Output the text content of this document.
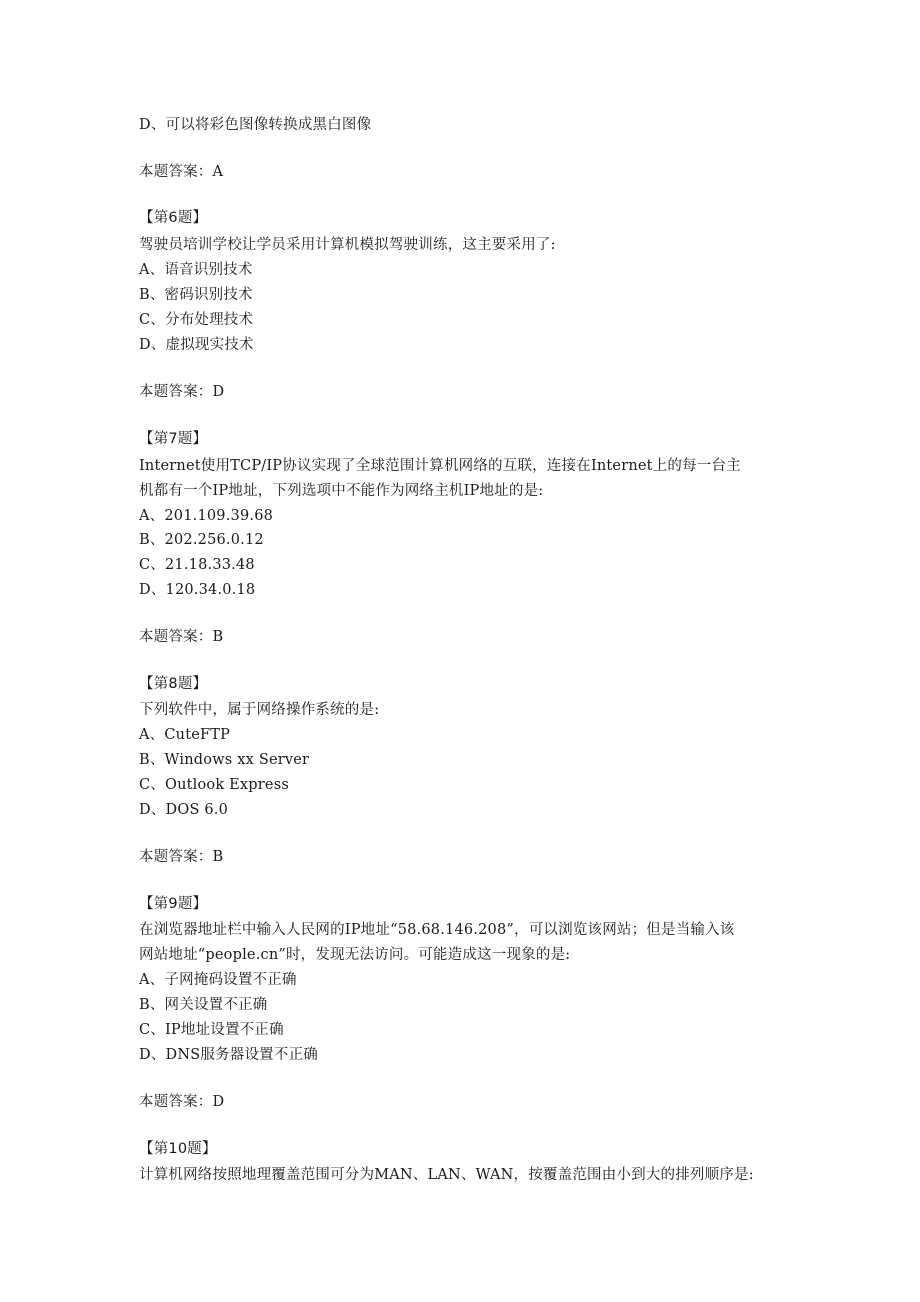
D、可以将彩色图像转换成黑白图像
本题答案：A
【第6题】
驾驶员培训学校让学员采用计算机模拟驾驶训练，这主要采用了:
A、语音识别技术
B、密码识别技术
C、分布处理技术
D、虚拟现实技术
本题答案：D
【第7题】
Internet使用TCP/IP协议实现了全球范围计算机网络的互联，连接在Internet上的每一台主
机都有一个IP地址，下列选项中不能作为网络主机IP地址的是:
A、201.109.39.68
B、202.256.0.12
C、21.18.33.48
D、120.34.0.18
本题答案：B
【第8题】
下列软件中，属于网络操作系统的是:
A、CuteFTP
B、Windows xx Server
C、Outlook Express
D、DOS 6.0
本题答案：B
【第9题】
在浏览器地址栏中输入人民网的IP地址“58.68.146.208”，可以浏览该网站；但是当输入该
网站地址“people.cn”时，发现无法访问。可能造成这一现象的是:
A、子网掩码设置不正确
B、网关设置不正确
C、IP地址设置不正确
D、DNS服务器设置不正确
本题答案：D
【第10题】
计算机网络按照地理覆盖范围可分为MAN、LAN、WAN，按覆盖范围由小到大的排列顺序是:
